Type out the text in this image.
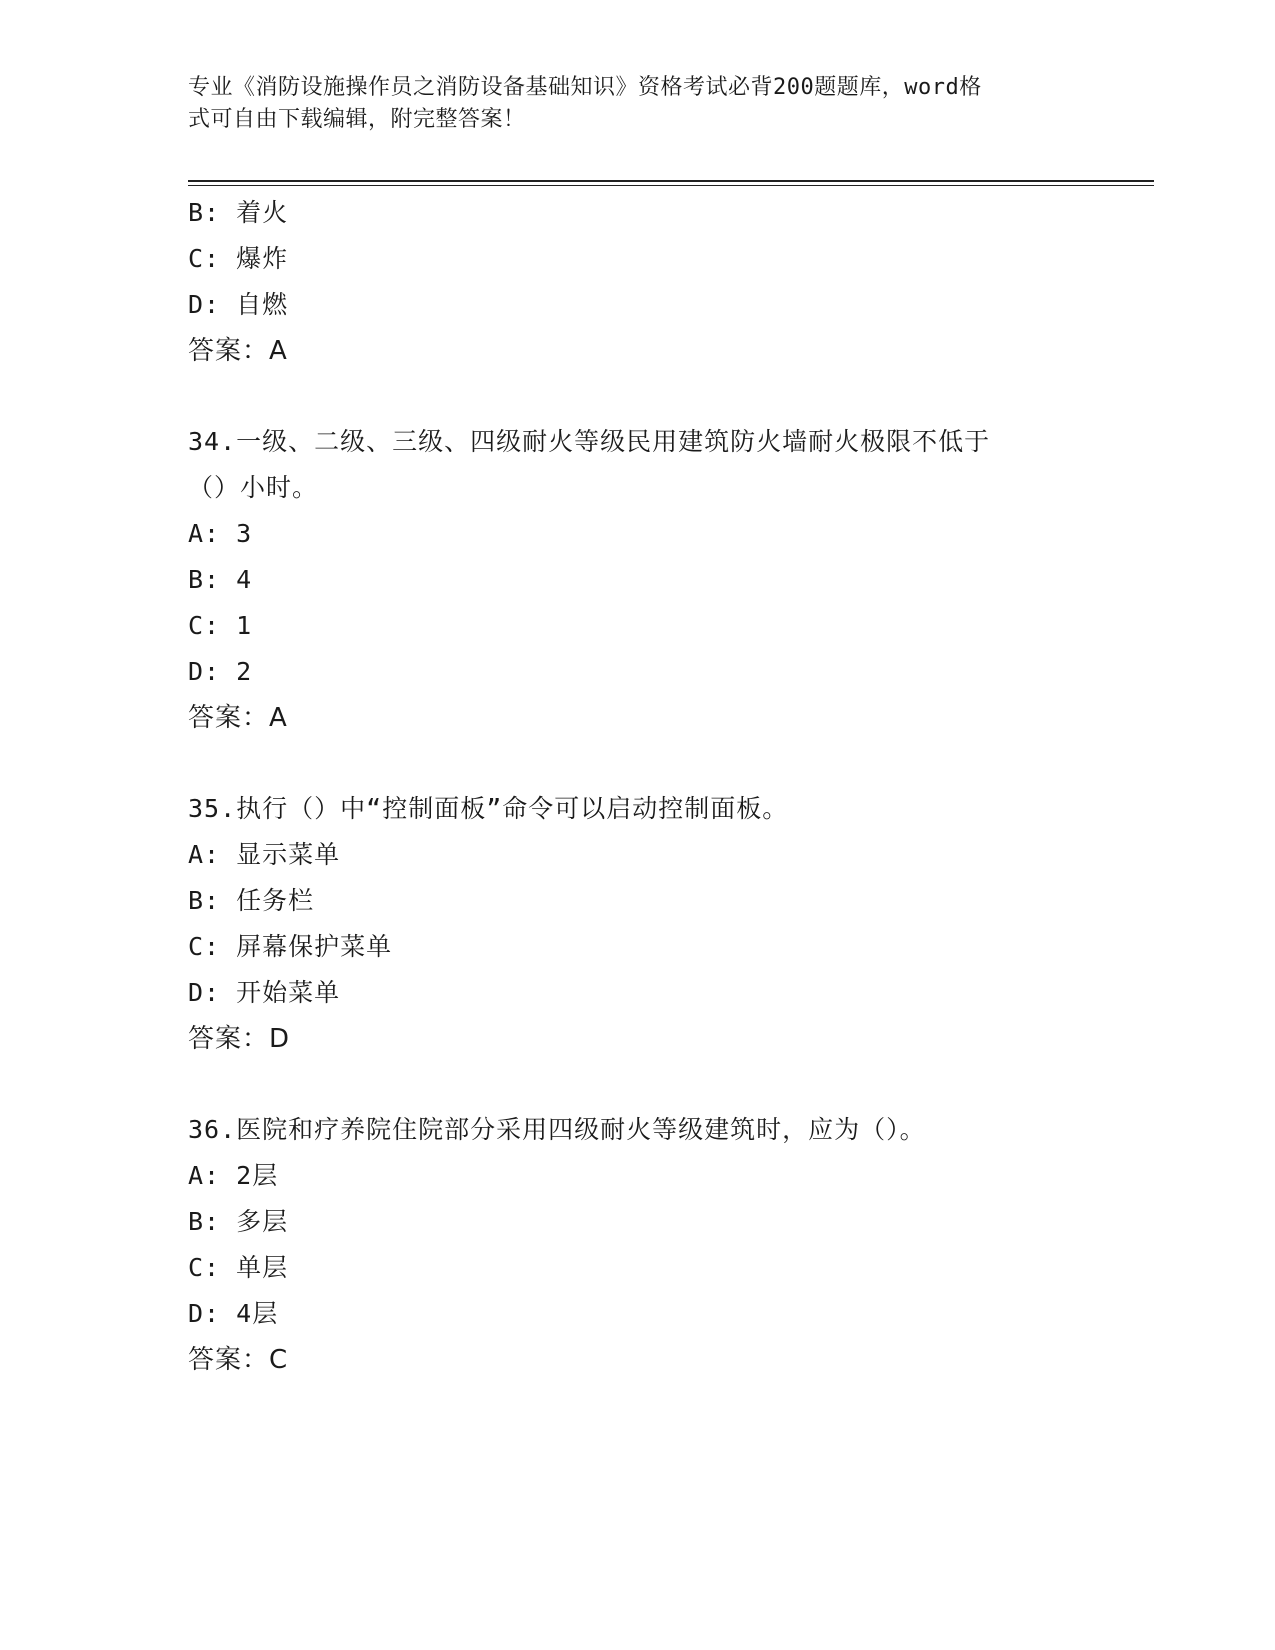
专业《消防设施操作员之消防设备基础知识》资格考试必背200题题库，word格
式可自由下载编辑，附完整答案！
B: 着火
C: 爆炸
D: 自燃
答案：A
34.一级、二级、三级、四级耐火等级民用建筑防火墙耐火极限不低于
（）小时。
A: 3
B: 4
C: 1
D: 2
答案：A
35.执行（）中“控制面板”命令可以启动控制面板。
A: 显示菜单
B: 任务栏
C: 屏幕保护菜单
D: 开始菜单
答案：D
36.医院和疗养院住院部分采用四级耐火等级建筑时，应为（）。
A: 2层
B: 多层
C: 单层
D: 4层
答案：C
